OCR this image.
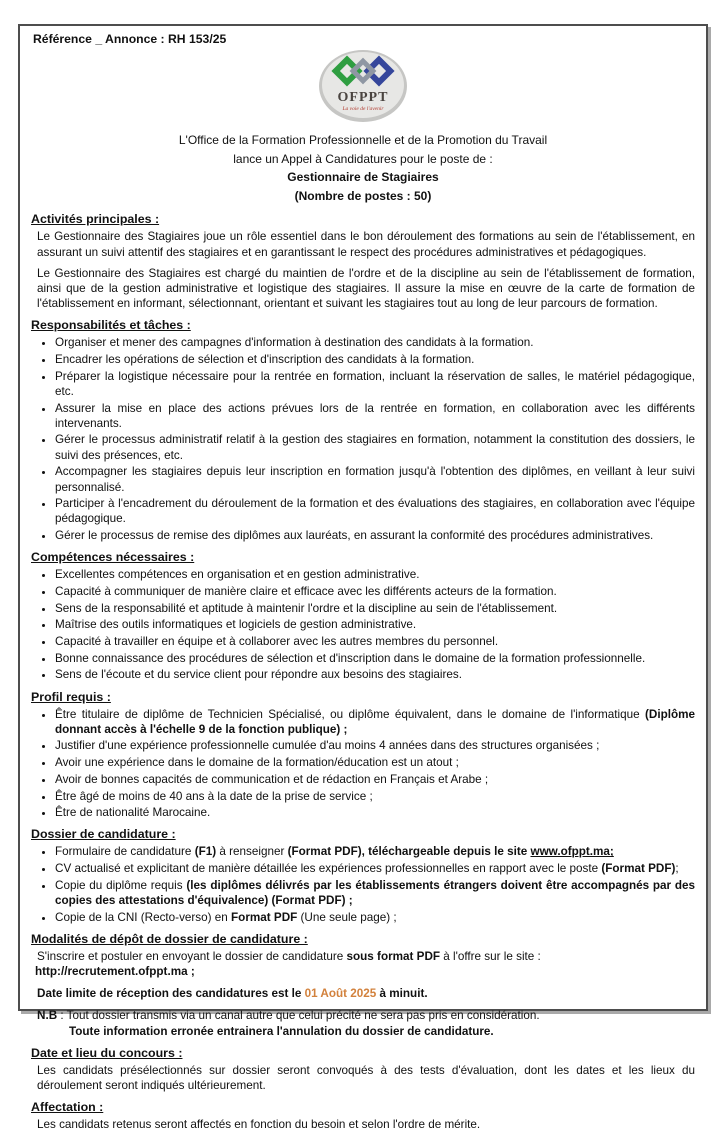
Référence _ Annonce : RH 153/25
OFPPT
La voie de l'avenir
L'Office de la Formation Professionnelle et de la Promotion du Travail
lance un Appel à Candidatures pour le poste de :
Gestionnaire de Stagiaires
(Nombre de postes : 50)
Activités principales :

Le Gestionnaire des Stagiaires joue un rôle essentiel dans le bon déroulement des formations au sein de l'établissement, en assurant un suivi attentif des stagiaires et en garantissant le respect des procédures administratives et pédagogiques.

Le Gestionnaire des Stagiaires est chargé du maintien de l'ordre et de la discipline au sein de l'établissement de formation, ainsi que de la gestion administrative et logistique des stagiaires. Il assure la mise en œuvre de la carte de formation de l'établissement en informant, sélectionnant, orientant et suivant les stagiaires tout au long de leur parcours de formation.

Responsabilités et tâches :
• Organiser et mener des campagnes d'information à destination des candidats à la formation.
• Encadrer les opérations de sélection et d'inscription des candidats à la formation.
• Préparer la logistique nécessaire pour la rentrée en formation, incluant la réservation de salles, le matériel pédagogique, etc.
• Assurer la mise en place des actions prévues lors de la rentrée en formation, en collaboration avec les différents intervenants.
• Gérer le processus administratif relatif à la gestion des stagiaires en formation, notamment la constitution des dossiers, le suivi des présences, etc.
• Accompagner les stagiaires depuis leur inscription en formation jusqu'à l'obtention des diplômes, en veillant à leur suivi personnalisé.
• Participer à l'encadrement du déroulement de la formation et des évaluations des stagiaires, en collaboration avec l'équipe pédagogique.
• Gérer le processus de remise des diplômes aux lauréats, en assurant la conformité des procédures administratives.
Compétences nécessaires :
• Excellentes compétences en organisation et en gestion administrative.
• Capacité à communiquer de manière claire et efficace avec les différents acteurs de la formation.
• Sens de la responsabilité et aptitude à maintenir l'ordre et la discipline au sein de l'établissement.
• Maîtrise des outils informatiques et logiciels de gestion administrative.
• Capacité à travailler en équipe et à collaborer avec les autres membres du personnel.
• Bonne connaissance des procédures de sélection et d'inscription dans le domaine de la formation professionnelle.
• Sens de l'écoute et du service client pour répondre aux besoins des stagiaires.
Profil requis :
• Être titulaire de diplôme de Technicien Spécialisé, ou diplôme équivalent, dans le domaine de l'informatique (Diplôme donnant accès à l'échelle 9 de la fonction publique) ;
• Justifier d'une expérience professionnelle cumulée d'au moins 4 années dans des structures organisées ;
• Avoir une expérience dans le domaine de la formation/éducation est un atout ;
• Avoir de bonnes capacités de communication et de rédaction en Français et Arabe ;
• Être âgé de moins de 40 ans à la date de la prise de service ;
• Être de nationalité Marocaine.
Dossier de candidature :
• Formulaire de candidature (F1) à renseigner (Format PDF), téléchargeable depuis le site www.ofppt.ma;
• CV actualisé et explicitant de manière détaillée les expériences professionnelles en rapport avec le poste (Format PDF);
• Copie du diplôme requis (les diplômes délivrés par les établissements étrangers doivent être accompagnés par des copies des attestations d'équivalence) (Format PDF) ;
• Copie de la CNI (Recto-verso) en Format PDF (Une seule page) ;
Modalités de dépôt de dossier de candidature :

S'inscrire et postuler en envoyant le dossier de candidature sous format PDF à l'offre sur le site :

http://recrutement.ofppt.ma ;

Date limite de réception des candidatures est le 01 Août 2025 à minuit.

N.B : Tout dossier transmis via un canal autre que celui précité ne sera pas pris en considération.

Toute information erronée entrainera l'annulation du dossier de candidature.

Date et lieu du concours :

Les candidats présélectionnés sur dossier seront convoqués à des tests d'évaluation, dont les dates et les lieux du déroulement seront indiqués ultérieurement.

Affectation :

Les candidats retenus seront affectés en fonction du besoin et selon l'ordre de mérite.
